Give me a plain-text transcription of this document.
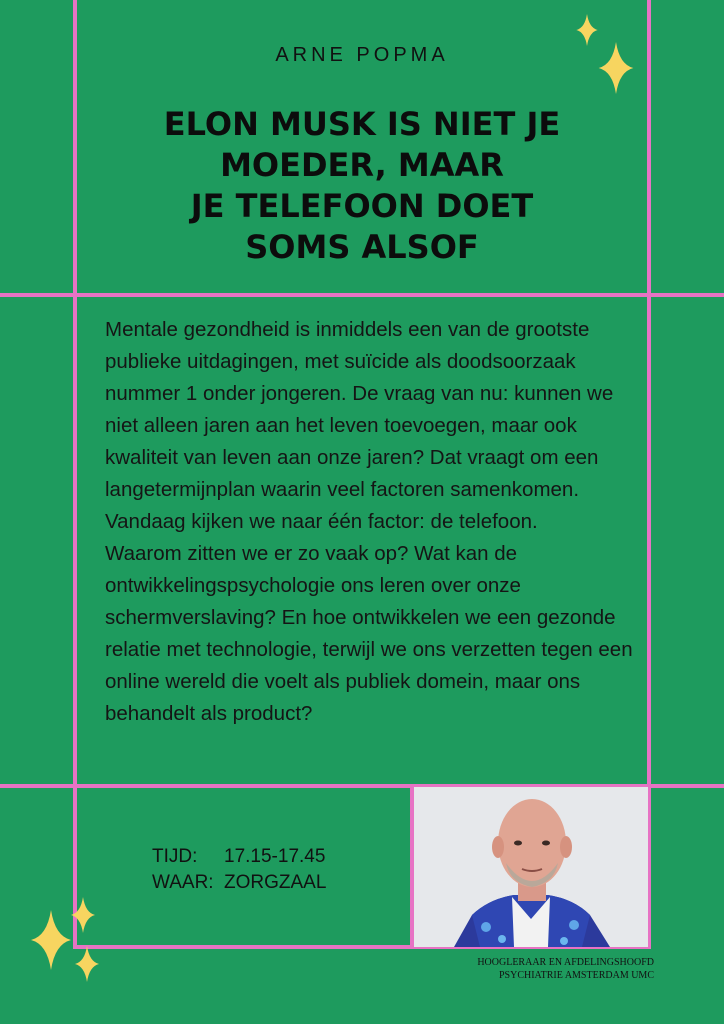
ARNE POPMA
ELON MUSK IS NIET JE
MOEDER, MAAR
JE TELEFOON DOET
SOMS ALSOF

Mentale gezondheid is inmiddels een van de grootste publieke uitdagingen, met suïcide als doodsoorzaak nummer 1 onder jongeren. De vraag van nu: kunnen we niet alleen jaren aan het leven toevoegen, maar ook kwaliteit van leven aan onze jaren? Dat vraagt om een langetermijnplan waarin veel factoren samenkomen. Vandaag kijken we naar één factor: de telefoon.

Waarom zitten we er zo vaak op? Wat kan de ontwikkelingspsychologie ons leren over onze schermverslaving? En hoe ontwikkelen we een gezonde relatie met technologie, terwijl we ons verzetten tegen een online wereld die voelt als publiek domein, maar ons behandelt als product?

TIJD:	17.15-17.45
WAAR: ZORGZAAL
HOOGLERAAR EN AFDELINGSHOOFD
PSYCHIATRIE AMSTERDAM UMC
